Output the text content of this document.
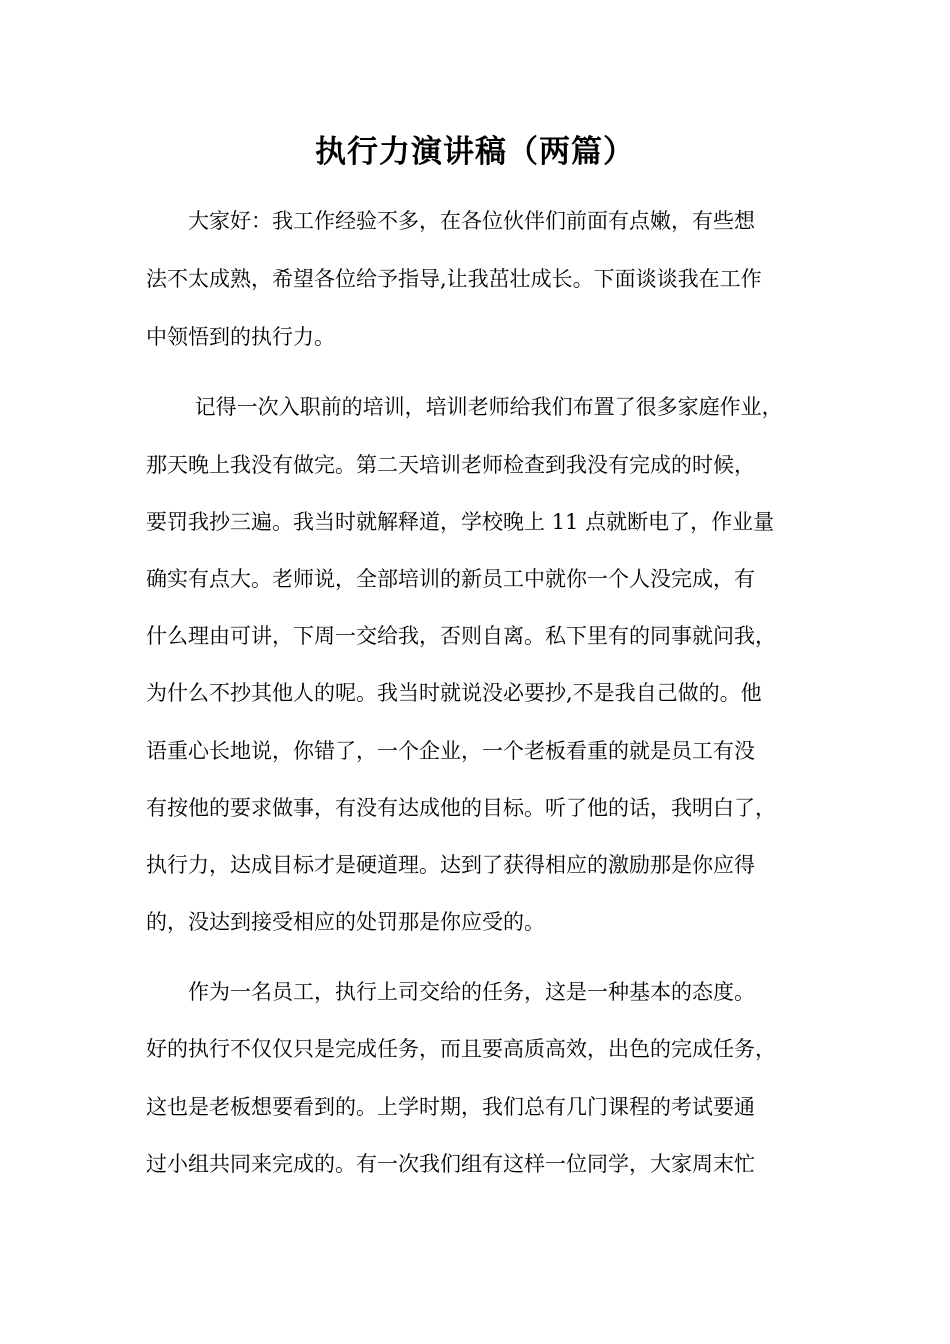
执行力演讲稿（两篇）
　　大家好：我工作经验不多，在各位伙伴们前面有点嫩，有些想
法不太成熟，希望各位给予指导,让我茁壮成长。下面谈谈我在工作
中领悟到的执行力。
　　 记得一次入职前的培训，培训老师给我们布置了很多家庭作业，
那天晚上我没有做完。第二天培训老师检查到我没有完成的时候，
要罚我抄三遍。我当时就解释道，学校晚上 11 点就断电了，作业量
确实有点大。老师说，全部培训的新员工中就你一个人没完成，有
什么理由可讲，下周一交给我，否则自离。私下里有的同事就问我，
为什么不抄其他人的呢。我当时就说没必要抄,不是我自己做的。他
语重心长地说，你错了，一个企业，一个老板看重的就是员工有没
有按他的要求做事，有没有达成他的目标。听了他的话，我明白了，
执行力，达成目标才是硬道理。达到了获得相应的激励那是你应得
的，没达到接受相应的处罚那是你应受的。
　　作为一名员工，执行上司交给的任务，这是一种基本的态度。
好的执行不仅仅只是完成任务，而且要高质高效，出色的完成任务，
这也是老板想要看到的。上学时期，我们总有几门课程的考试要通
过小组共同来完成的。有一次我们组有这样一位同学，大家周末忙
